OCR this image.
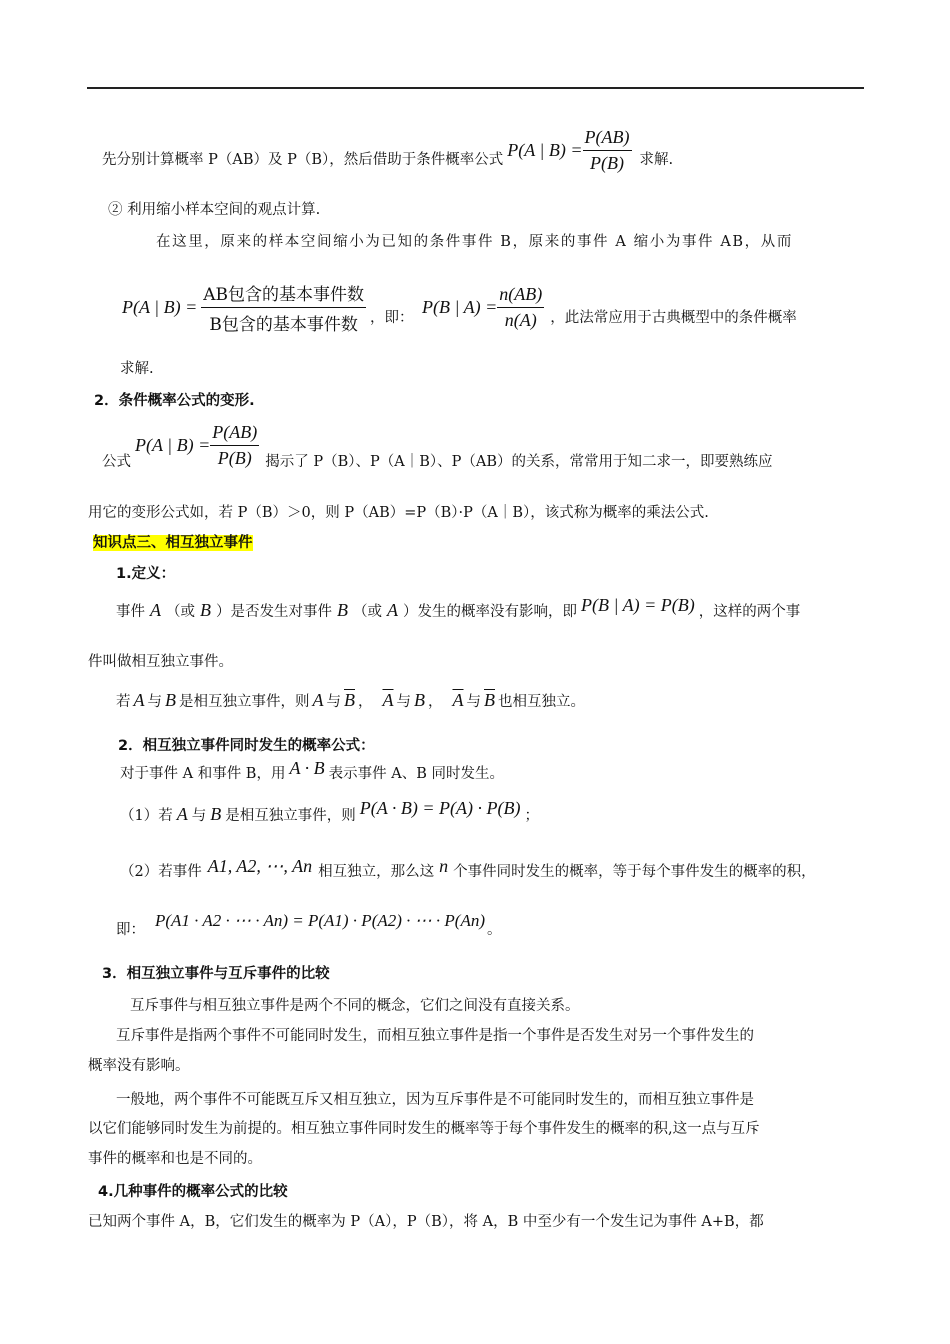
先分别计算概率 P（AB）及 P（B），然后借助于条件概率公式 P(A | $B) = \frac{P(AB)}{P(B)}$ 求解.
② 利用缩小样本空间的观点计算.
在这里，原来的样本空间缩小为已知的条件事件 B，原来的事件 A 缩小为事件 AB，从而
P(A | $B) = \frac{\text{AB包含的基本事件数}}{\text{B包含的基本事件数}}$ ，即：
P(B | $A) = \frac{n(AB)}{n(A)}$ ，此法常应用于古典概型中的条件概率
求解.
2．条件概率公式的变形.
公式
P(A | $B) = \frac{P(AB)}{P(B)}$ 揭示了 P（B）、P（A｜B）、P（AB）的关系，常常用于知二求一，即要熟练应
用它的变形公式如，若 P（B）＞0，则 P（AB）=P（B）·P（A｜B），该式称为概率的乘法公式.
知识点三、相互独立事件
1.定义：
事件 A （或 B ）是否发生对事件 B （或 A ）发生的概率没有影响，即 P(B | A) = P(B) ，这样的两个事
件叫做相互独立事件。
若 A 与 B 是相互独立事件，则 A 与 $\overline{B}$ ， $\overline{A}$ 与 B ， $\overline{A}$ 与 $\overline{B}$ 也相互独立。
2．相互独立事件同时发生的概率公式：
对于事件 A 和事件 B，用 A · B 表示事件 A、B 同时发生。
（1）若 A 与 B 是相互独立事件，则 P(A · B) = P(A) · P(B) ；
（2）若事件 A1, A2, ⋯, An 相互独立，那么这 n 个事件同时发生的概率，等于每个事件发生的概率的积，
即： P(A1 · A2 · ⋯ · An) = P(A1) · P(A2) · ⋯ · P(An) 。
3．相互独立事件与互斥事件的比较
互斥事件与相互独立事件是两个不同的概念，它们之间没有直接关系。
互斥事件是指两个事件不可能同时发生，而相互独立事件是指一个事件是否发生对另一个事件发生的
概率没有影响。
一般地，两个事件不可能既互斥又相互独立，因为互斥事件是不可能同时发生的，而相互独立事件是
以它们能够同时发生为前提的。相互独立事件同时发生的概率等于每个事件发生的概率的积,这一点与互斥
事件的概率和也是不同的。
4.几种事件的概率公式的比较
已知两个事件 A，B，它们发生的概率为 P（A），P（B），将 A，B 中至少有一个发生记为事件 A+B，都
